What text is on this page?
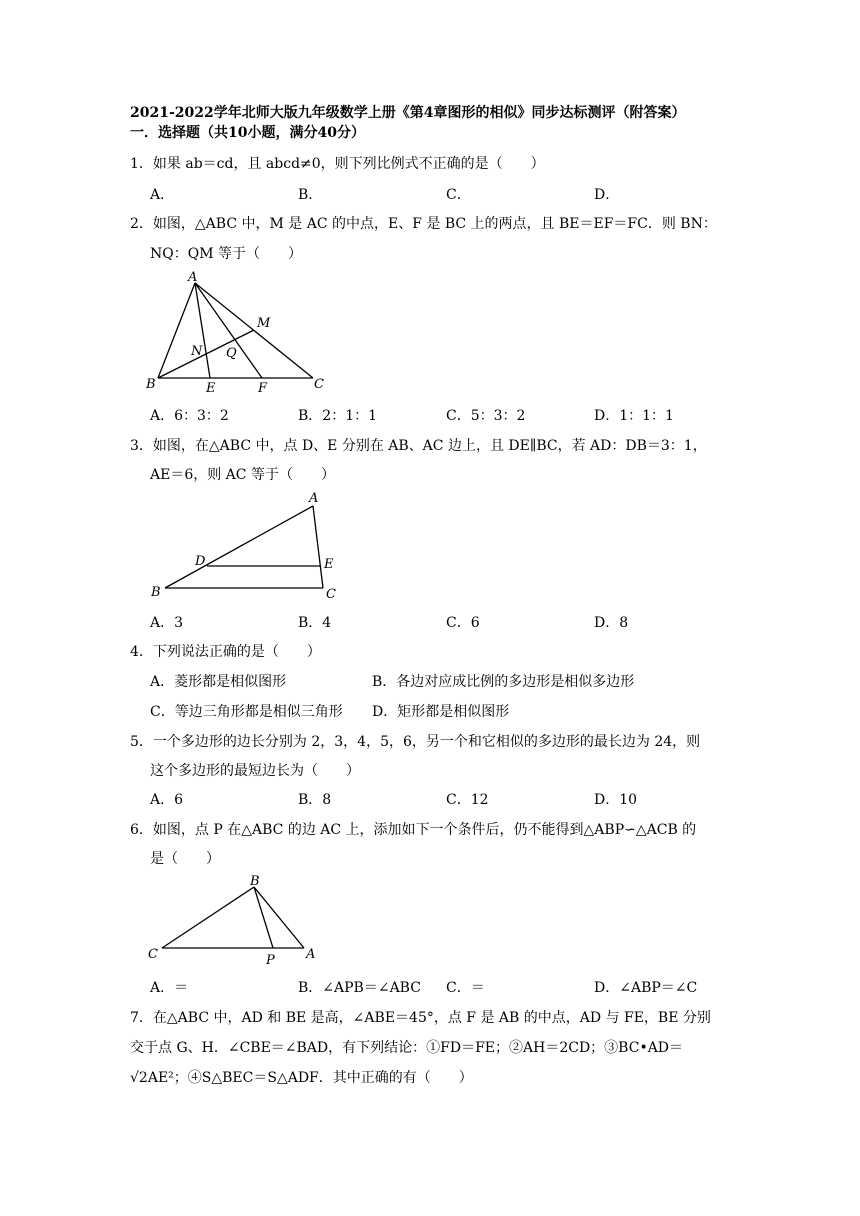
2021-2022学年北师大版九年级数学上册《第4章图形的相似》同步达标测评（附答案）
一．选择题（共10小题，满分40分）
1．如果 ab＝cd，且 abcd≠0，则下列比例式不正确的是（　　）
A．	B．	C．	D．
2．如图，△ABC 中，M 是 AC 的中点，E、F 是 BC 上的两点，且 BE＝EF＝FC．则 BN：
NQ：QM 等于（　　）
A
M
N Q
B	E	F	C
A．6：3：2	B．2：1：1	C．5：3：2	D．1：1：1
3．如图，在△ABC 中，点 D、E 分别在 AB、AC 边上，且 DE∥BC，若 AD：DB＝3：1，
AE＝6，则 AC 等于（　　）
A
D	E
B	C
A．3	B．4	C．6	D．8
4．下列说法正确的是（　　）
A．菱形都是相似图形	B．各边对应成比例的多边形是相似多边形
C．等边三角形都是相似三角形 D．矩形都是相似图形
5．一个多边形的边长分别为 2，3，4，5，6，另一个和它相似的多边形的最长边为 24，则
这个多边形的最短边长为（　　）
A．6	B．8	C．12	D．10
6．如图，点 P 在△ABC 的边 AC 上，添加如下一个条件后，仍不能得到△ABP∽△ACB 的
是（　　）
B
C	P A
A．＝	B．∠APB＝∠ABC C．＝	D．∠ABP＝∠C
7．在△ABC 中，AD 和 BE 是高，∠ABE＝45°，点 F 是 AB 的中点，AD 与 FE，BE 分别
交于点 G、H．∠CBE＝∠BAD，有下列结论：①FD＝FE；②AH＝2CD；③BC•AD＝
√2AE²；④S△BEC＝S△ADF．其中正确的有（　　）
